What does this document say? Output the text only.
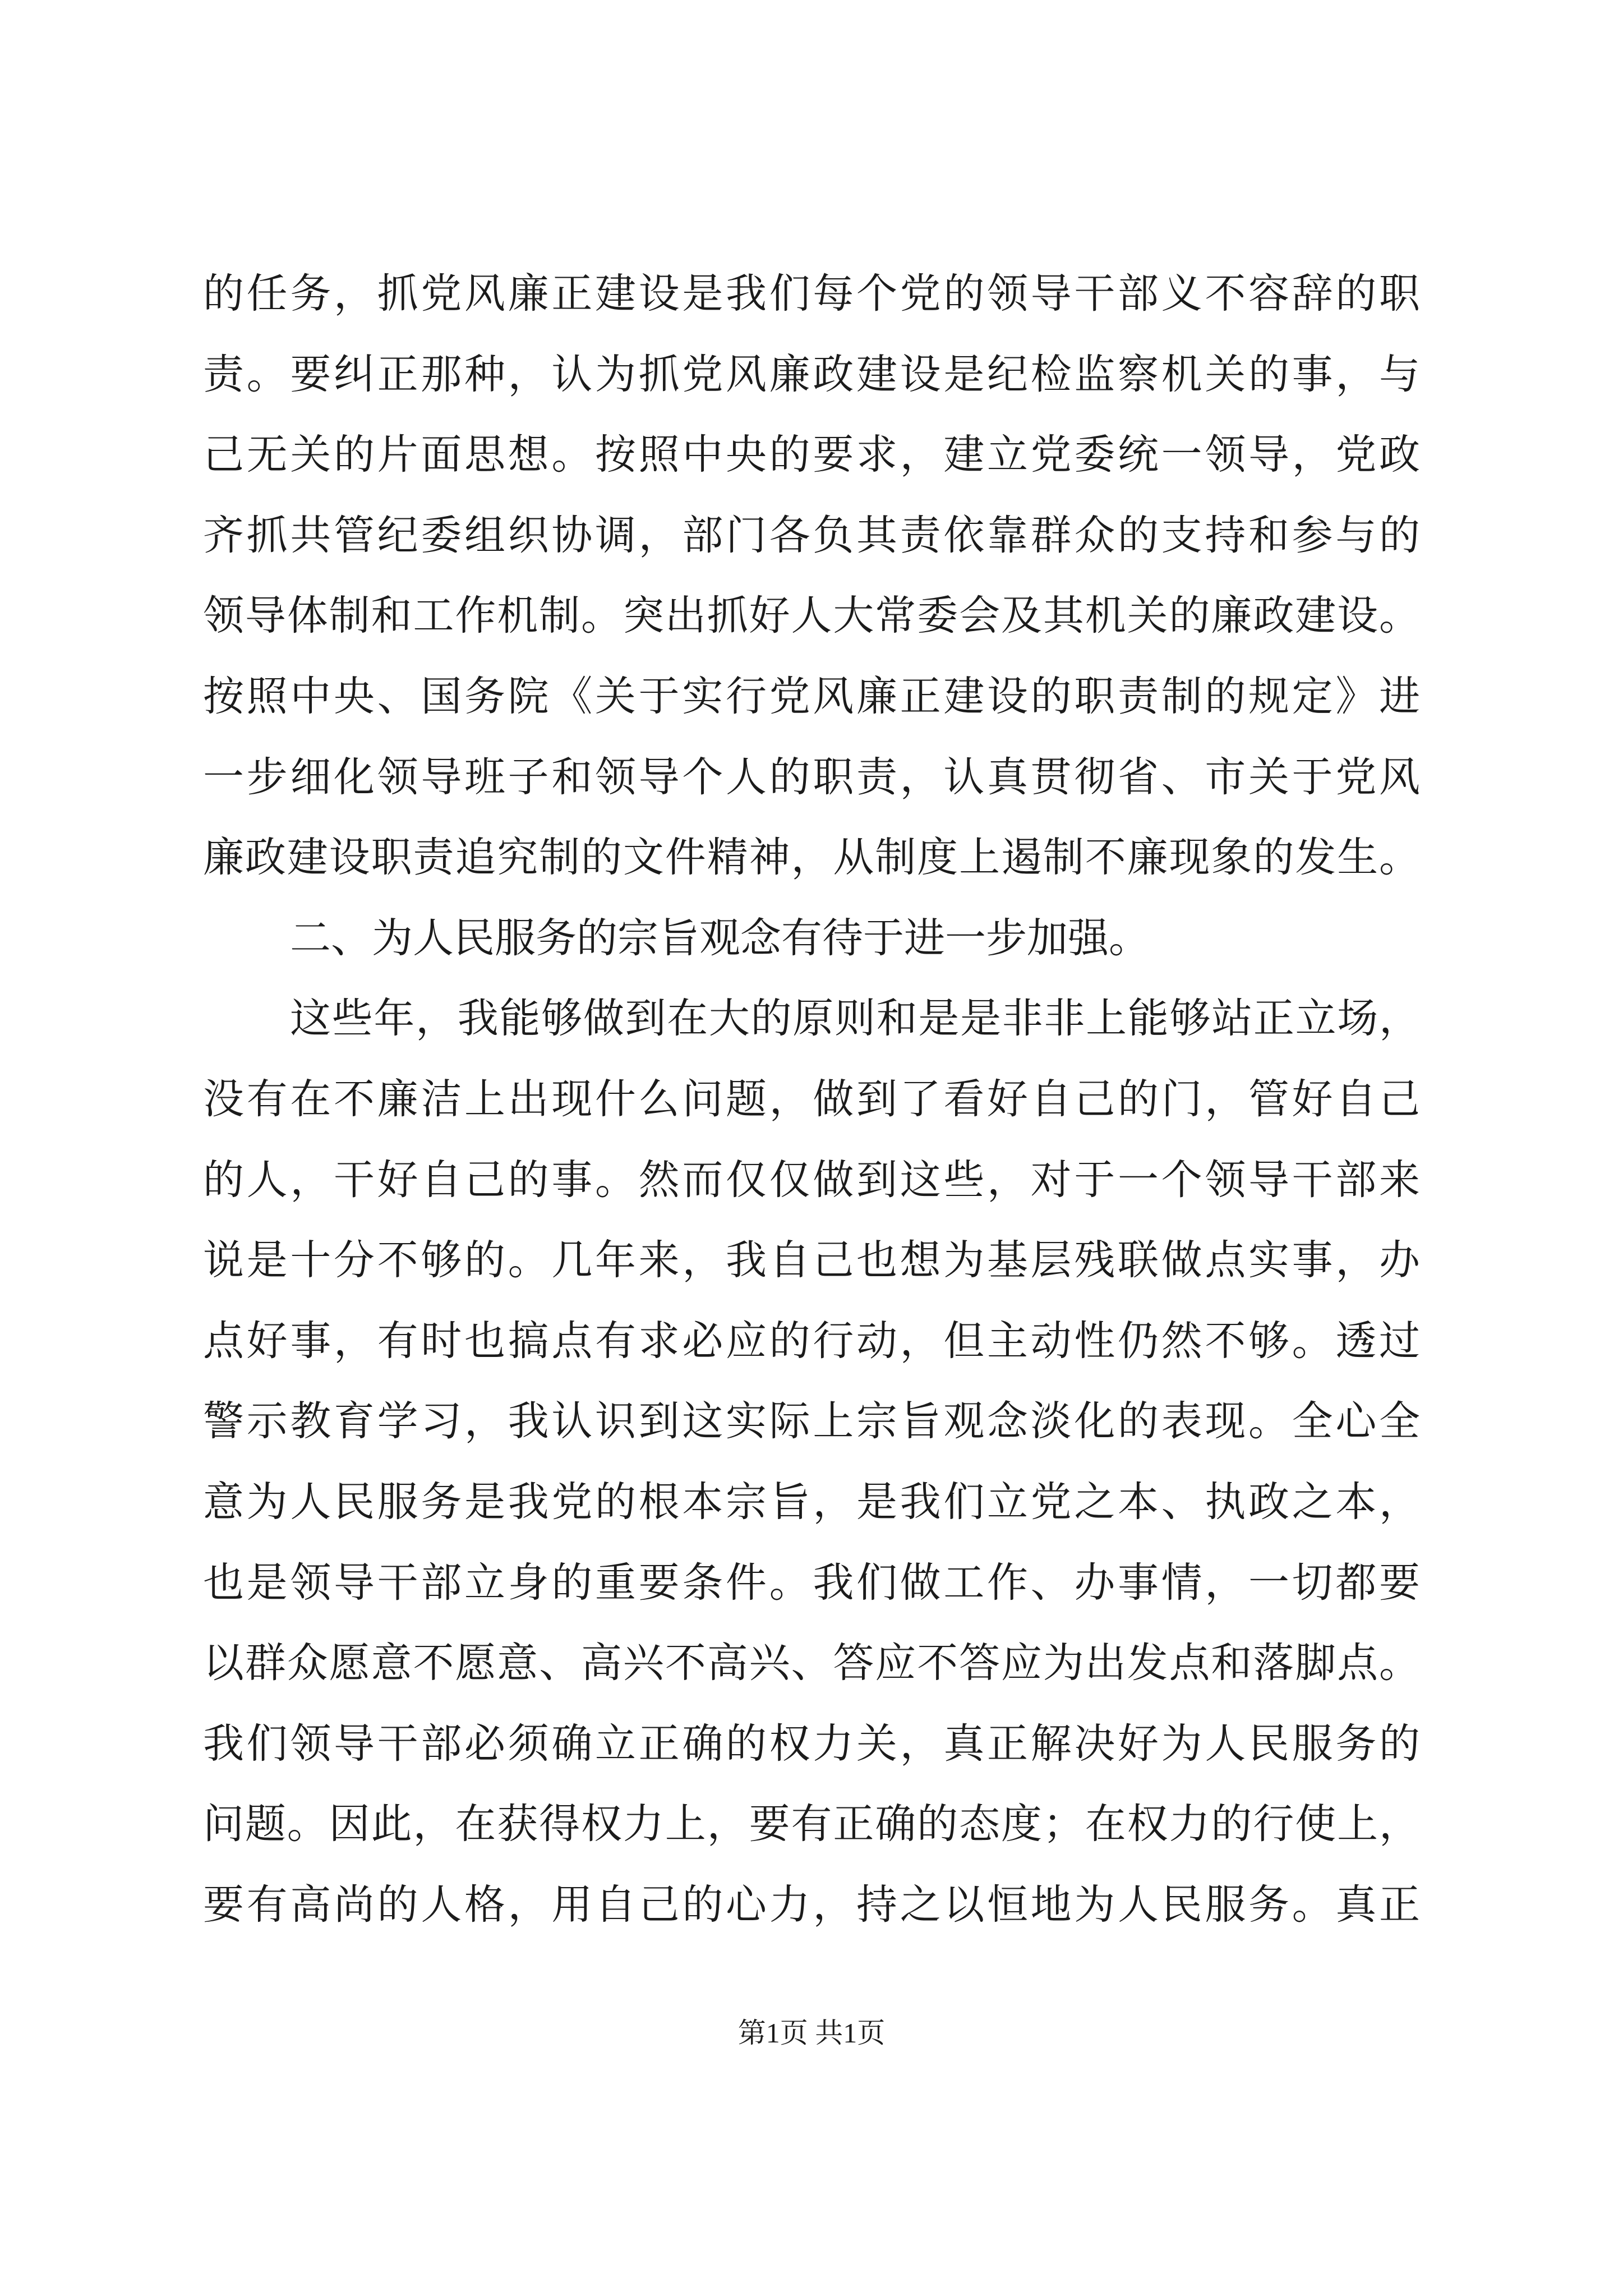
的任务，抓党风廉正建设是我们每个党的领导干部义不容辞的职
责。要纠正那种，认为抓党风廉政建设是纪检监察机关的事，与
己无关的片面思想。按照中央的要求，建立党委统一领导，党政
齐抓共管纪委组织协调，部门各负其责依靠群众的支持和参与的
领导体制和工作机制。突出抓好人大常委会及其机关的廉政建设。
按照中央、国务院《关于实行党风廉正建设的职责制的规定》进
一步细化领导班子和领导个人的职责，认真贯彻省、市关于党风
廉政建设职责追究制的文件精神，从制度上遏制不廉现象的发生。
二、为人民服务的宗旨观念有待于进一步加强。
这些年，我能够做到在大的原则和是是非非上能够站正立场，
没有在不廉洁上出现什么问题，做到了看好自己的门，管好自己
的人，干好自己的事。然而仅仅做到这些，对于一个领导干部来
说是十分不够的。几年来，我自己也想为基层残联做点实事，办
点好事，有时也搞点有求必应的行动，但主动性仍然不够。透过
警示教育学习，我认识到这实际上宗旨观念淡化的表现。全心全
意为人民服务是我党的根本宗旨，是我们立党之本、执政之本，
也是领导干部立身的重要条件。我们做工作、办事情，一切都要
以群众愿意不愿意、高兴不高兴、答应不答应为出发点和落脚点。
我们领导干部必须确立正确的权力关，真正解决好为人民服务的
问题。因此，在获得权力上，要有正确的态度；在权力的行使上，
要有高尚的人格，用自己的心力，持之以恒地为人民服务。真正
第1页 共1页
